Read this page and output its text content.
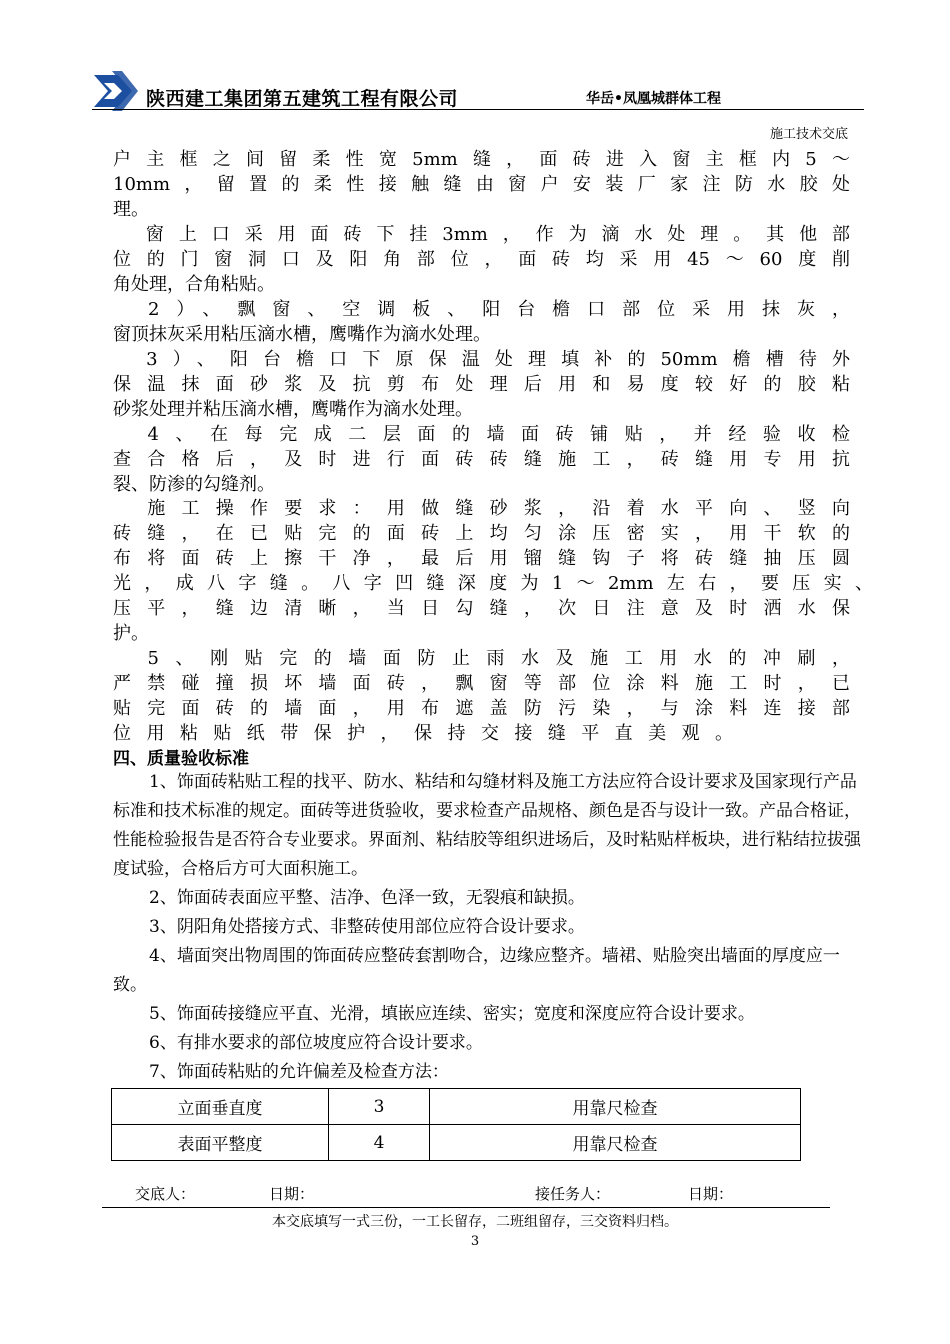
陕西建工集团第五建筑工程有限公司	华岳•凤凰城群体工程
施工技术交底
户主框之间留柔性宽5mm缝，面砖进入窗主框内5～
10mm，留置的柔性接触缝由窗户安装厂家注防水胶处
理。
　窗上口采用面砖下挂3mm，作为滴水处理。其他部
位的门窗洞口及阳角部位，面砖均采用45～60度削
角处理，合角粘贴。
　2）、飘窗、空调板、阳台檐口部位采用抹灰，
窗顶抹灰采用粘压滴水槽，鹰嘴作为滴水处理。
　3）、阳台檐口下原保温处理填补的50mm檐槽待外
保温抹面砂浆及抗剪布处理后用和易度较好的胶粘
砂浆处理并粘压滴水槽，鹰嘴作为滴水处理。
　4、在每完成二层面的墙面砖铺贴，并经验收检
查合格后，及时进行面砖砖缝施工，砖缝用专用抗
裂、防渗的勾缝剂。
　施工操作要求：用做缝砂浆，沿着水平向、竖向
砖缝，在已贴完的面砖上均匀涂压密实，用干软的
布将面砖上擦干净，最后用镏缝钩子将砖缝抽压圆
光，成八字缝。八字凹缝深度为1～2mm左右，要压实、
压平，缝边清晰，当日勾缝，次日注意及时洒水保
护。
　5、刚贴完的墙面防止雨水及施工用水的冲刷，
严禁碰撞损坏墙面砖，飘窗等部位涂料施工时，已
贴完面砖的墙面，用布遮盖防污染，与涂料连接部
位用粘贴纸带保护，保持交接缝平直美观。
四、质量验收标准
1、饰面砖粘贴工程的找平、防水、粘结和勾缝材料及施工方法应符合设计要求及国家现行产品标准和技术标准的规定。面砖等进货验收，要求检查产品规格、颜色是否与设计一致。产品合格证，性能检验报告是否符合专业要求。界面剂、粘结胶等组织进场后，及时粘贴样板块，进行粘结拉拔强度试验，合格后方可大面积施工。
2、饰面砖表面应平整、洁净、色泽一致，无裂痕和缺损。
3、阴阳角处搭接方式、非整砖使用部位应符合设计要求。
4、墙面突出物周围的饰面砖应整砖套割吻合，边缘应整齐。墙裙、贴脸突出墙面的厚度应一致。
5、饰面砖接缝应平直、光滑，填嵌应连续、密实；宽度和深度应符合设计要求。
6、有排水要求的部位坡度应符合设计要求。
7、饰面砖粘贴的允许偏差及检查方法：
立面垂直度	3	用靠尺检查
表面平整度	4	用靠尺检查
交底人：	日期：	接任务人：	日期：
本交底填写一式三份，一工长留存，二班组留存，三交资料归档。
3
